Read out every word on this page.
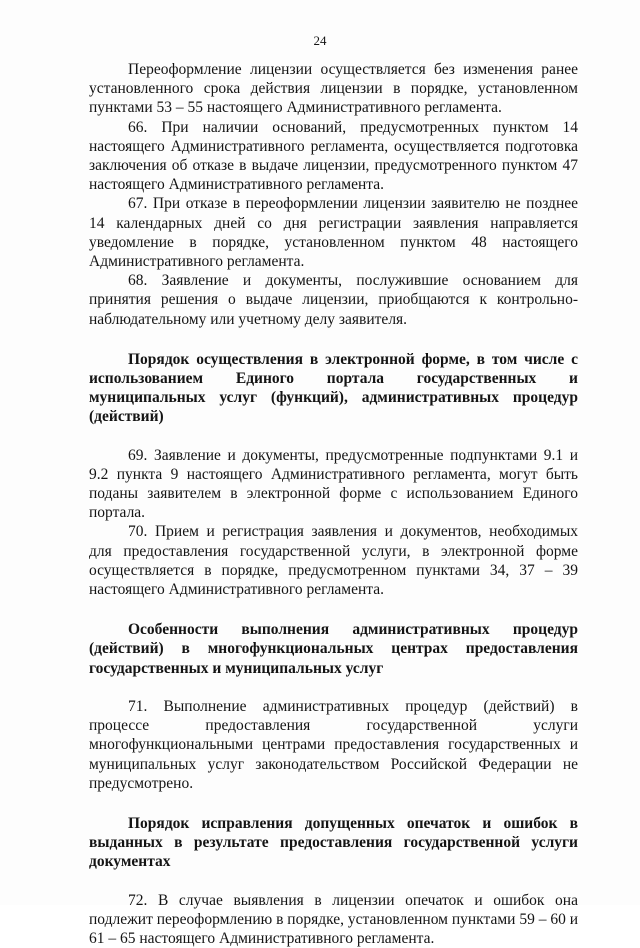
24

Переоформление лицензии осуществляется без изменения ранее установленного срока действия лицензии в порядке, установленном пунктами 53 – 55 настоящего Административного регламента.

66. При наличии оснований, предусмотренных пунктом 14 настоящего Административного регламента, осуществляется подготовка заключения об отказе в выдаче лицензии, предусмотренного пунктом 47 настоящего Административного регламента.

67. При отказе в переоформлении лицензии заявителю не позднее 14 календарных дней со дня регистрации заявления направляется уведомление в порядке, установленном пунктом 48 настоящего Административного регламента.

68. Заявление и документы, послужившие основанием для принятия решения о выдаче лицензии, приобщаются к контрольно-наблюдательному или учетному делу заявителя.

Порядок осуществления в электронной форме, в том числе с использованием Единого портала государственных и муниципальных услуг (функций), административных процедур (действий)

69. Заявление и документы, предусмотренные подпунктами 9.1 и 9.2 пункта 9 настоящего Административного регламента, могут быть поданы заявителем в электронной форме с использованием Единого портала.

70. Прием и регистрация заявления и документов, необходимых для предоставления государственной услуги, в электронной форме осуществляется в порядке, предусмотренном пунктами 34, 37 – 39 настоящего Административного регламента.

Особенности выполнения административных процедур (действий) в многофункциональных центрах предоставления государственных и муниципальных услуг

71. Выполнение административных процедур (действий) в процессе предоставления государственной услуги многофункциональными центрами предоставления государственных и муниципальных услуг законодательством Российской Федерации не предусмотрено.

Порядок исправления допущенных опечаток и ошибок в выданных в результате предоставления государственной услуги документах

72. В случае выявления в лицензии опечаток и ошибок она подлежит переоформлению в порядке, установленном пунктами 59 – 60 и 61 – 65 настоящего Административного регламента.
